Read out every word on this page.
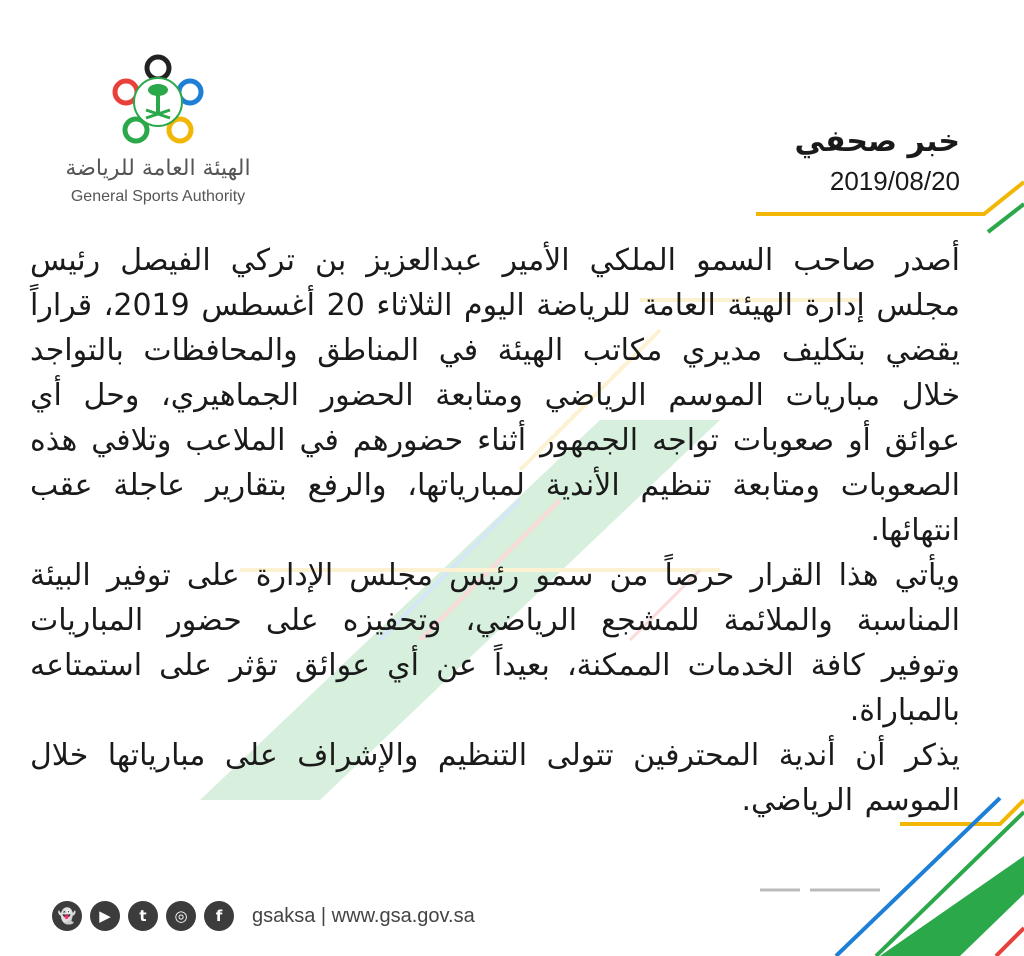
الهيئة العامة للرياضة
General Sports Authority
خبر صحفي
2019/08/20

أصدر صاحب السمو الملكي الأمير عبدالعزيز بن تركي الفيصل رئيس مجلس إدارة الهيئة العامة للرياضة اليوم الثلاثاء 20 أغسطس 2019، قراراً يقضي بتكليف مديري مكاتب الهيئة في المناطق والمحافظات بالتواجد خلال مباريات الموسم الرياضي ومتابعة الحضور الجماهيري، وحل أي عوائق أو صعوبات تواجه الجمهور أثناء حضورهم في الملاعب وتلافي هذه الصعوبات ومتابعة تنظيم الأندية لمبارياتها، والرفع بتقارير عاجلة عقب انتهائها.

ويأتي هذا القرار حرصاً من سمو رئيس مجلس الإدارة على توفير البيئة المناسبة والملائمة للمشجع الرياضي، وتحفيزه على حضور المباريات وتوفير كافة الخدمات الممكنة، بعيداً عن أي عوائق تؤثر على استمتاعه بالمباراة.

يذكر أن أندية المحترفين تتولى التنظيم والإشراف على مبارياتها خلال الموسم الرياضي.

👻	▶	t	◎	f	gsaksa | www.gsa.gov.sa
